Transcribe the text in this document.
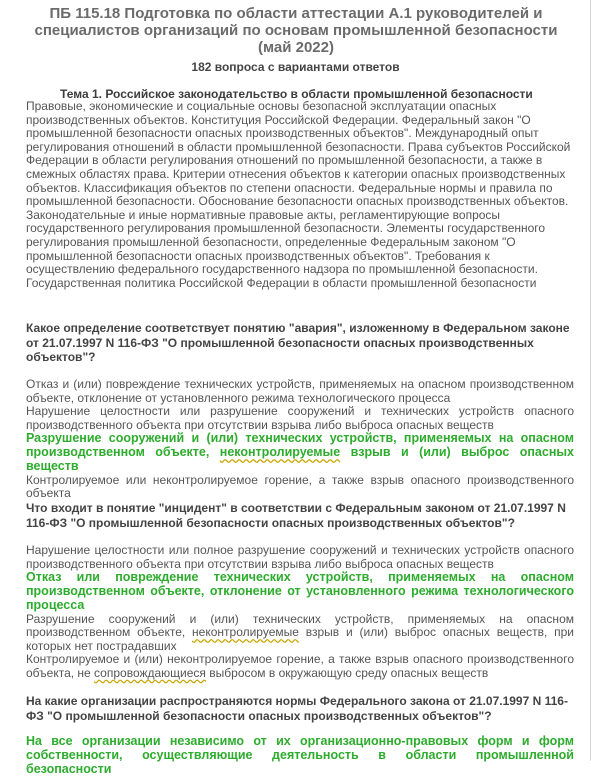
ПБ 115.18 Подготовка по области аттестации А.1 руководителей и специалистов организаций по основам промышленной безопасности (май 2022)
182 вопроса с вариантами ответов
Тема 1. Российское законодательство в области промышленной безопасности
Правовые, экономические и социальные основы безопасной эксплуатации опасных производственных объектов. Конституция Российской Федерации. Федеральный закон "О промышленной безопасности опасных производственных объектов". Международный опыт регулирования отношений в области промышленной безопасности. Права субъектов Российской Федерации в области регулирования отношений по промышленной безопасности, а также в смежных областях права. Критерии отнесения объектов к категории опасных производственных объектов. Классификация объектов по степени опасности. Федеральные нормы и правила по промышленной безопасности. Обоснование безопасности опасных производственных объектов. Законодательные и иные нормативные правовые акты, регламентирующие вопросы государственного регулирования промышленной безопасности. Элементы государственного регулирования промышленной безопасности, определенные Федеральным законом "О промышленной безопасности опасных производственных объектов". Требования к осуществлению федерального государственного надзора по промышленной безопасности. Государственная политика Российской Федерации в области промышленной безопасности
Какое определение соответствует понятию "авария", изложенному в Федеральном законе от 21.07.1997 N 116-ФЗ "О промышленной безопасности опасных производственных объектов"?
Отказ и (или) повреждение технических устройств, применяемых на опасном производственном объекте, отклонение от установленного режима технологического процесса
Нарушение целостности или разрушение сооружений и технических устройств опасного производственного объекта при отсутствии взрыва либо выброса опасных веществ
Разрушение сооружений и (или) технических устройств, применяемых на опасном производственном объекте, неконтролируемые взрыв и (или) выброс опасных веществ
Контролируемое или неконтролируемое горение, а также взрыв опасного производственного объекта
Что входит в понятие "инцидент" в соответствии с Федеральным законом от 21.07.1997 N 116-ФЗ "О промышленной безопасности опасных производственных объектов"?
Нарушение целостности или полное разрушение сооружений и технических устройств опасного производственного объекта при отсутствии взрыва либо выброса опасных веществ
Отказ или повреждение технических устройств, применяемых на опасном производственном объекте, отклонение от установленного режима технологического процесса
Разрушение сооружений и (или) технических устройств, применяемых на опасном производственном объекте, неконтролируемые взрыв и (или) выброс опасных веществ, при которых нет пострадавших
Контролируемое и (или) неконтролируемое горение, а также взрыв опасного производственного объекта, не сопровождающиеся выбросом в окружающую среду опасных веществ
На какие организации распространяются нормы Федерального закона от 21.07.1997 N 116-ФЗ "О промышленной безопасности опасных производственных объектов"?
На все организации независимо от их организационно-правовых форм и форм собственности, осуществляющие деятельность в области промышленной безопасности
